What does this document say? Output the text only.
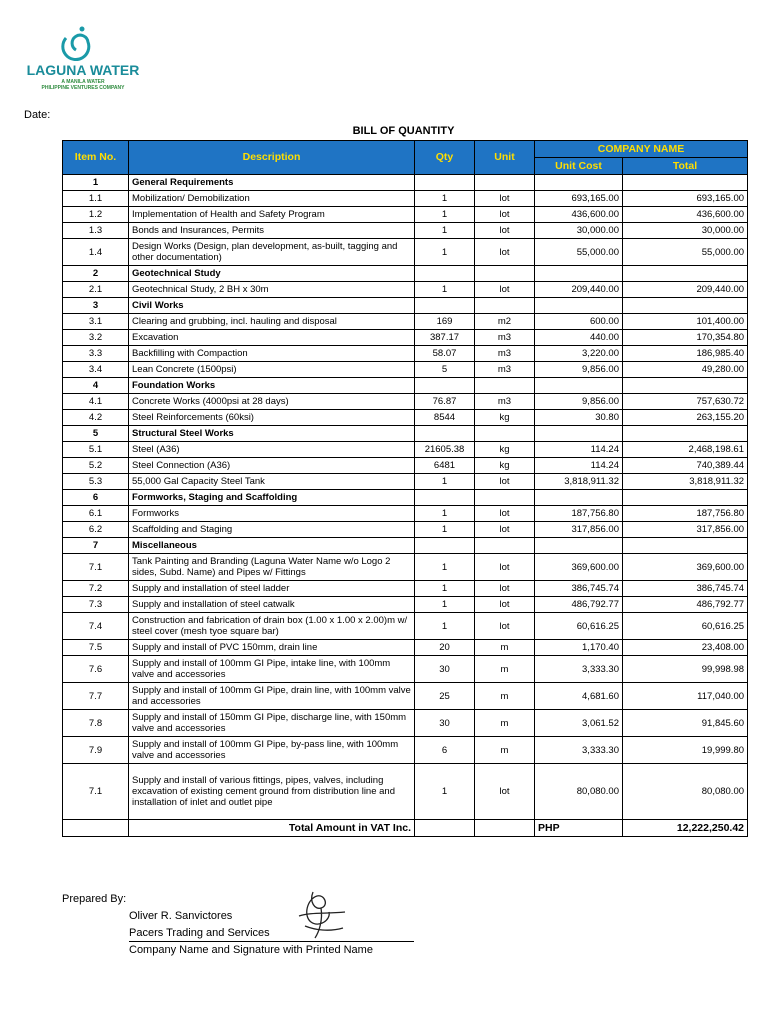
LAGUNA WATER
A MANILA WATER
PHILIPPINE VENTURES COMPANY
Date:
BILL OF QUANTITY
Item No.	Description	Qty	Unit	COMPANY NAME	
				Unit Cost	Total
1	General Requirements				
1.1	Mobilization/ Demobilization	1	lot	693,165.00	693,165.00
1.2	Implementation of Health and Safety Program	1	lot	436,600.00	436,600.00
1.3	Bonds and Insurances, Permits	1	lot	30,000.00	30,000.00
1.4	Design Works (Design, plan development, as-built, tagging and other documentation)	1	lot	55,000.00	55,000.00
2	Geotechnical Study				
2.1	Geotechnical Study, 2 BH x 30m	1	lot	209,440.00	209,440.00
3	Civil Works				
3.1	Clearing and grubbing, incl. hauling and disposal	169	m2	600.00	101,400.00
3.2	Excavation	387.17	m3	440.00	170,354.80
3.3	Backfilling with Compaction	58.07	m3	3,220.00	186,985.40
3.4	Lean Concrete (1500psi)	5	m3	9,856.00	49,280.00
4	Foundation Works				
4.1	Concrete Works (4000psi at 28 days)	76.87	m3	9,856.00	757,630.72
4.2	Steel Reinforcements (60ksi)	8544	kg	30.80	263,155.20
5	Structural Steel Works				
5.1	Steel (A36)	21605.38	kg	114.24	2,468,198.61
5.2	Steel Connection (A36)	6481	kg	114.24	740,389.44
5.3	55,000 Gal Capacity Steel Tank	1	lot	3,818,911.32	3,818,911.32
6	Formworks, Staging and Scaffolding				
6.1	Formworks	1	lot	187,756.80	187,756.80
6.2	Scaffolding and Staging	1	lot	317,856.00	317,856.00
7	Miscellaneous				
7.1	Tank Painting and Branding (Laguna Water Name w/o Logo 2 sides, Subd. Name) and Pipes w/ Fittings	1	lot	369,600.00	369,600.00
7.2	Supply and installation of steel ladder	1	lot	386,745.74	386,745.74
7.3	Supply and installation of steel catwalk	1	lot	486,792.77	486,792.77
7.4	Construction and fabrication of drain box (1.00 x 1.00 x 2.00)m w/ steel cover (mesh tyoe square bar)	1	lot	60,616.25	60,616.25
7.5	Supply and install of PVC 150mm, drain line	20	m	1,170.40	23,408.00
7.6	Supply and install of 100mm GI Pipe, intake line, with 100mm valve and accessories	30	m	3,333.30	99,998.98
7.7	Supply and install of 100mm GI Pipe, drain line, with 100mm valve and accessories	25	m	4,681.60	117,040.00
7.8	Supply and install of 150mm GI Pipe, discharge line, with 150mm valve and accessories	30	m	3,061.52	91,845.60
7.9	Supply and install of 100mm GI Pipe, by-pass line, with 100mm valve and accessories	6	m	3,333.30	19,999.80
7.1	Supply and install of various fittings, pipes, valves, including excavation of existing cement ground from distribution line and installation of inlet and outlet pipe	1	lot	80,080.00	80,080.00
	Total Amount in VAT Inc.			PHP	12,222,250.42
Prepared By:
Oliver R. Sanvictores
Pacers Trading and Services
Company Name and Signature with Printed Name
